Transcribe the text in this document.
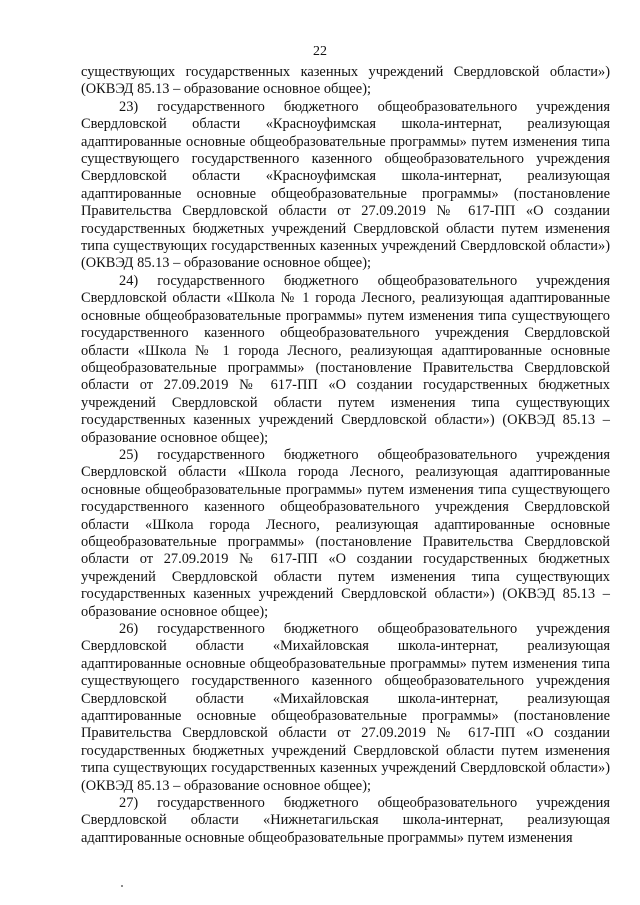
22

существующих государственных казенных учреждений Свердловской области») (ОКВЭД 85.13 – образование основное общее);

23) государственного бюджетного общеобразовательного учреждения Свердловской области «Красноуфимская школа-интернат, реализующая адаптированные основные общеобразовательные программы» путем изменения типа существующего государственного казенного общеобразовательного учреждения Свердловской области «Красноуфимская школа-интернат, реализующая адаптированные основные общеобразовательные программы» (постановление Правительства Свердловской области от 27.09.2019 № 617-ПП «О создании государственных бюджетных учреждений Свердловской области путем изменения типа существующих государственных казенных учреждений Свердловской области») (ОКВЭД 85.13 – образование основное общее);

24) государственного бюджетного общеобразовательного учреждения Свердловской области «Школа № 1 города Лесного, реализующая адаптированные основные общеобразовательные программы» путем изменения типа существующего государственного казенного общеобразовательного учреждения Свердловской области «Школа № 1 города Лесного, реализующая адаптированные основные общеобразовательные программы» (постановление Правительства Свердловской области от 27.09.2019 № 617-ПП «О создании государственных бюджетных учреждений Свердловской области путем изменения типа существующих государственных казенных учреждений Свердловской области») (ОКВЭД 85.13 – образование основное общее);

25) государственного бюджетного общеобразовательного учреждения Свердловской области «Школа города Лесного, реализующая адаптированные основные общеобразовательные программы» путем изменения типа существующего государственного казенного общеобразовательного учреждения Свердловской области «Школа города Лесного, реализующая адаптированные основные общеобразовательные программы» (постановление Правительства Свердловской области от 27.09.2019 № 617-ПП «О создании государственных бюджетных учреждений Свердловской области путем изменения типа существующих государственных казенных учреждений Свердловской области») (ОКВЭД 85.13 – образование основное общее);

26) государственного бюджетного общеобразовательного учреждения Свердловской области «Михайловская школа-интернат, реализующая адаптированные основные общеобразовательные программы» путем изменения типа существующего государственного казенного общеобразовательного учреждения Свердловской области «Михайловская школа-интернат, реализующая адаптированные основные общеобразовательные программы» (постановление Правительства Свердловской области от 27.09.2019 № 617-ПП «О создании государственных бюджетных учреждений Свердловской области путем изменения типа существующих государственных казенных учреждений Свердловской области») (ОКВЭД 85.13 – образование основное общее);

27) государственного бюджетного общеобразовательного учреждения Свердловской области «Нижнетагильская школа-интернат, реализующая адаптированные основные общеобразовательные программы» путем изменения
